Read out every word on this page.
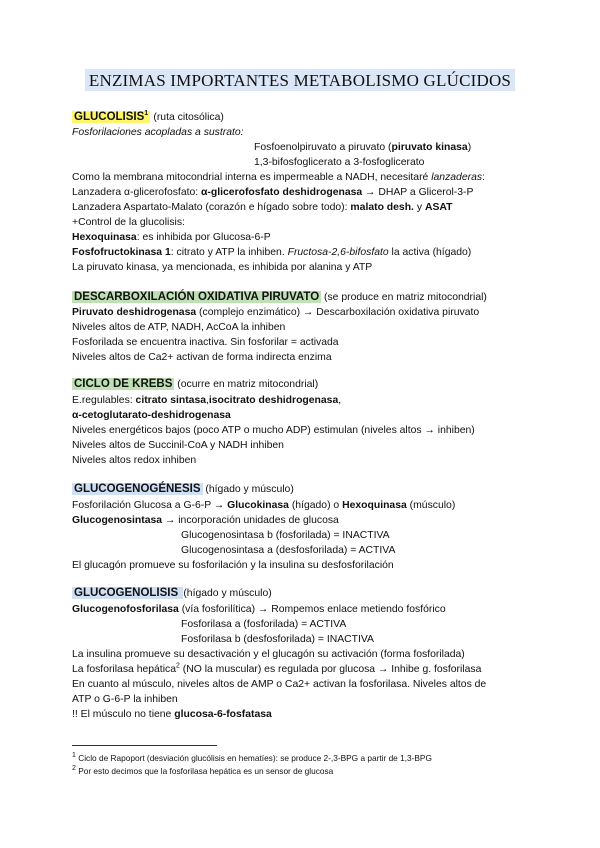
ENZIMAS IMPORTANTES METABOLISMO GLÚCIDOS
GLUCOLISIS$^1$ (ruta citosólica)
Fosforilaciones acopladas a sustrato:
Fosfoenolpiruvato a piruvato (piruvato kinasa)
1,3-bifosfoglicerato a 3-fosfoglicerato
Como la membrana mitocondrial interna es impermeable a NADH, necesitaré lanzaderas:
Lanzadera α-glicerofosfato: α-glicerofosfato deshidrogenasa → DHAP a Glicerol-3-P
Lanzadera Aspartato-Malato (corazón e hígado sobre todo): malato desh. y ASAT
+Control de la glucolisis:
Hexoquinasa: es inhibida por Glucosa-6-P
Fosfofructokinasa 1: citrato y ATP la inhiben. Fructosa-2,6-bifosfato la activa (hígado)
La piruvato kinasa, ya mencionada, es inhibida por alanina y ATP
DESCARBOXILACIÓN OXIDATIVA PIRUVATO (se produce en matriz mitocondrial)
Piruvato deshidrogenasa (complejo enzimático) → Descarboxilación oxidativa piruvato
Niveles altos de ATP, NADH, AcCoA la inhiben
Fosforilada se encuentra inactiva. Sin fosforilar = activada
Niveles altos de Ca2+ activan de forma indirecta enzima
CICLO DE KREBS (ocurre en matriz mitocondrial)
E.regulables: citrato sintasa,isocitrato deshidrogenasa,
α-cetoglutarato-deshidrogenasa
Niveles energéticos bajos (poco ATP o mucho ADP) estimulan (niveles altos → inhiben)
Niveles altos de Succinil-CoA y NADH inhiben
Niveles altos redox inhiben
GLUCOGENOGÉNESIS (hígado y músculo)
Fosforilación Glucosa a G-6-P → Glucokinasa (hígado) o Hexoquinasa (músculo)
Glucogenosintasa → incorporación unidades de glucosa
Glucogenosintasa b (fosforilada) = INACTIVA
Glucogenosintasa a (desfosforilada) = ACTIVA
El glucagón promueve su fosforilación y la insulina su desfosforilación
GLUCOGENOLISIS (hígado y músculo)
Glucogenofosforilasa (vía fosforilítica) → Rompemos enlace metiendo fosfórico
Fosforilasa a (fosforilada) = ACTIVA
Fosforilasa b (desfosforilada) = INACTIVA
La insulina promueve su desactivación y el glucagón su activación (forma fosforilada)
La fosforilasa hepática$^2$ (NO la muscular) es regulada por glucosa → Inhibe g. fosforilasa
En cuanto al músculo, niveles altos de AMP o Ca2+ activan la fosforilasa. Niveles altos de
ATP o G-6-P la inhiben
!! El músculo no tiene glucosa-6-fosfatasa
$^1$ Ciclo de Rapoport (desviación glucólisis en hematíes): se produce 2-,3-BPG a partir de 1,3-BPG
$^2$ Por esto decimos que la fosforilasa hepática es un sensor de glucosa
